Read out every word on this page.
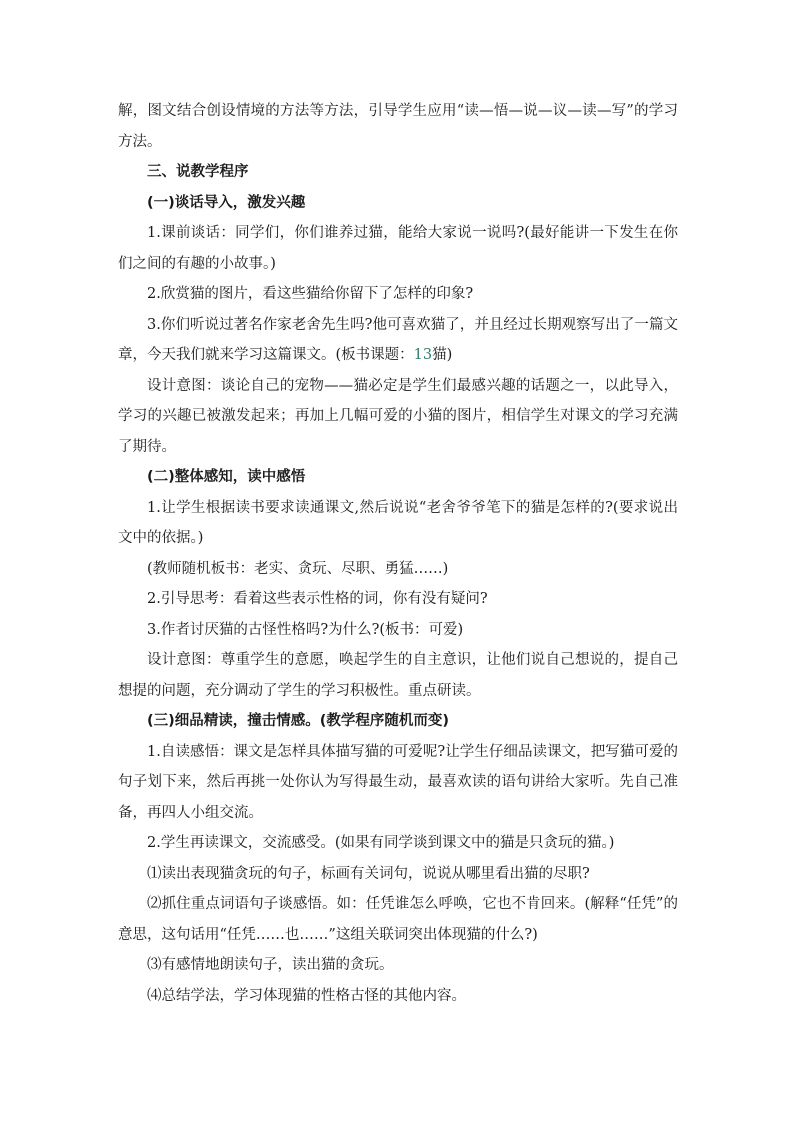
解，图文结合创设情境的方法等方法，引导学生应用“读—悟—说—议—读—写”的学习方法。

三、说教学程序

(一)谈话导入，激发兴趣

1.课前谈话：同学们，你们谁养过猫，能给大家说一说吗?(最好能讲一下发生在你们之间的有趣的小故事。)

2.欣赏猫的图片，看这些猫给你留下了怎样的印象?

3.你们听说过著名作家老舍先生吗?他可喜欢猫了，并且经过长期观察写出了一篇文章，今天我们就来学习这篇课文。(板书课题：13猫)

设计意图：谈论自己的宠物——猫必定是学生们最感兴趣的话题之一，以此导入，学习的兴趣已被激发起来；再加上几幅可爱的小猫的图片，相信学生对课文的学习充满了期待。

(二)整体感知，读中感悟

1.让学生根据读书要求读通课文,然后说说“老舍爷爷笔下的猫是怎样的?(要求说出文中的依据。)

(教师随机板书：老实、贪玩、尽职、勇猛……)

2.引导思考：看着这些表示性格的词，你有没有疑问?

3.作者讨厌猫的古怪性格吗?为什么?(板书：可爱)

设计意图：尊重学生的意愿，唤起学生的自主意识，让他们说自己想说的，提自己想提的问题，充分调动了学生的学习积极性。重点研读。

(三)细品精读，撞击情感。(教学程序随机而变)

1.自读感悟：课文是怎样具体描写猫的可爱呢?让学生仔细品读课文，把写猫可爱的句子划下来，然后再挑一处你认为写得最生动，最喜欢读的语句讲给大家听。先自己准备，再四人小组交流。

2.学生再读课文，交流感受。(如果有同学谈到课文中的猫是只贪玩的猫。)

⑴读出表现猫贪玩的句子，标画有关词句，说说从哪里看出猫的尽职?

⑵抓住重点词语句子谈感悟。如：任凭谁怎么呼唤，它也不肯回来。(解释“任凭”的意思，这句话用“任凭……也……”这组关联词突出体现猫的什么?)

⑶有感情地朗读句子，读出猫的贪玩。

⑷总结学法，学习体现猫的性格古怪的其他内容。
